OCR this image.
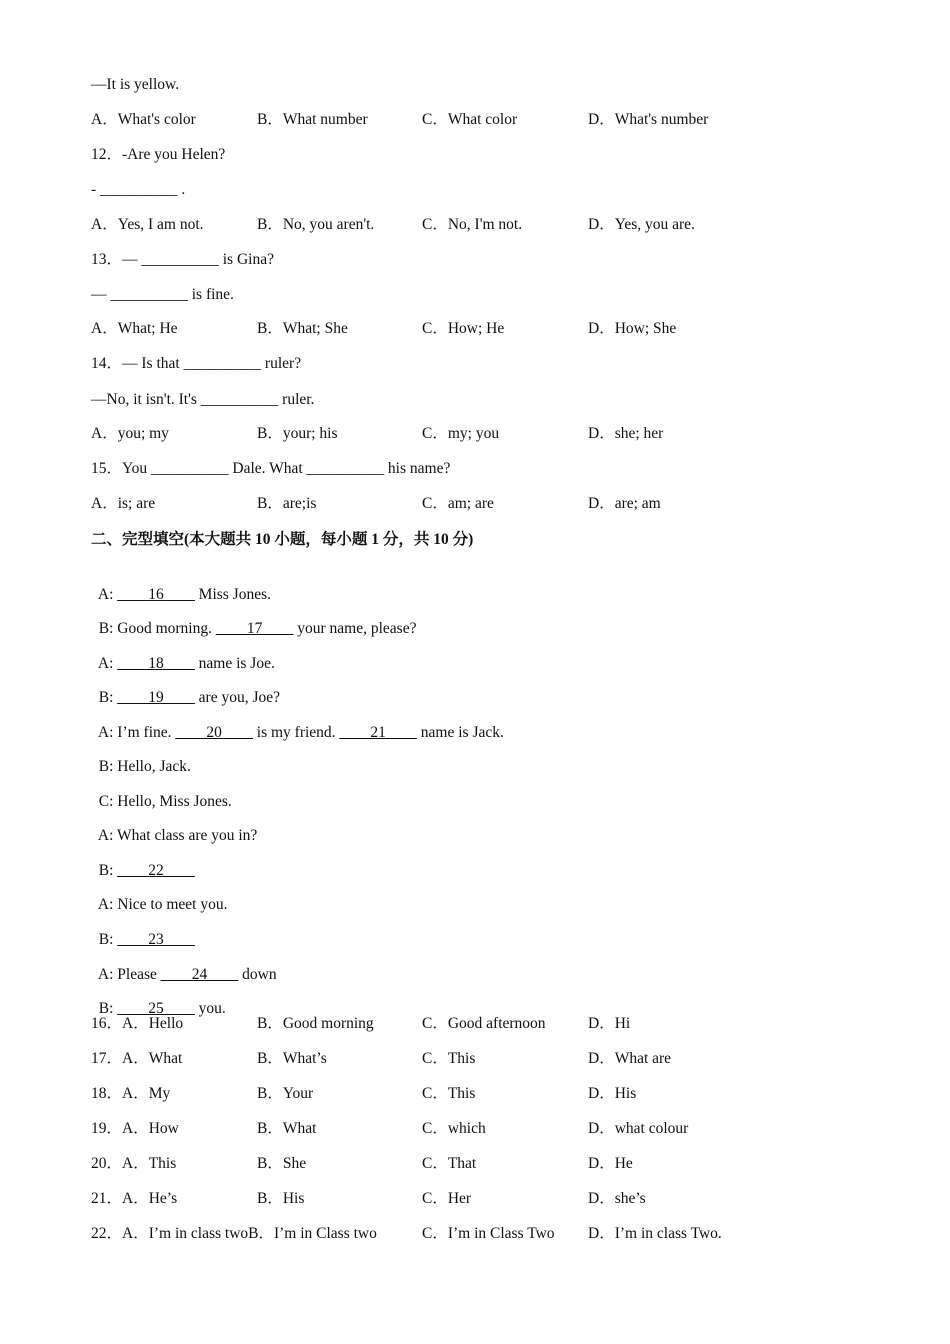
—It is yellow.
A．What's color	B．What number	C．What color	D．What's number
12．-Are you Helen?
- __________ .
A．Yes, I am not.	B．No, you aren't.	C．No, I'm not.	D．Yes, you are.
13．— __________ is Gina?
— __________ is fine.
A．What; He	B．What; She	C．How; He	D．How; She
14．— Is that __________ ruler?
—No, it isn't. It's __________ ruler.
A．you; my	B．your; his	C．my; you	D．she; her
15．You __________ Dale. What __________ his name?
A．is; are	B．are;is	C．am; are	D．are; am
二、完型填空(本大题共 10 小题，每小题 1 分，共 10 分)

A: ____16____ Miss Jones.

B: Good morning. ____17____ your name, please?

A: ____18____ name is Joe.

B: ____19____ are you, Joe?

A: I’m fine. ____20____ is my friend. ____21____ name is Jack.

B: Hello, Jack.

C: Hello, Miss Jones.

A: What class are you in?

B: ____22____

A: Nice to meet you.

B: ____23____

A: Please ____24____ down

B: ____25____ you.

16．A．Hello	B．Good morning	C．Good afternoon	D．Hi
17．A．What	B．What’s	C．This	D．What are
18．A．My	B．Your	C．This	D．His
19．A．How	B．What	C．which	D．what colour
20．A．This	B．She	C．That	D．He
21．A．He’s	B．His	C．Her	D．she’s
22．A．I’m in class twoB．I’m in Class two	C．I’m in Class Two D．I’m in class Two.
